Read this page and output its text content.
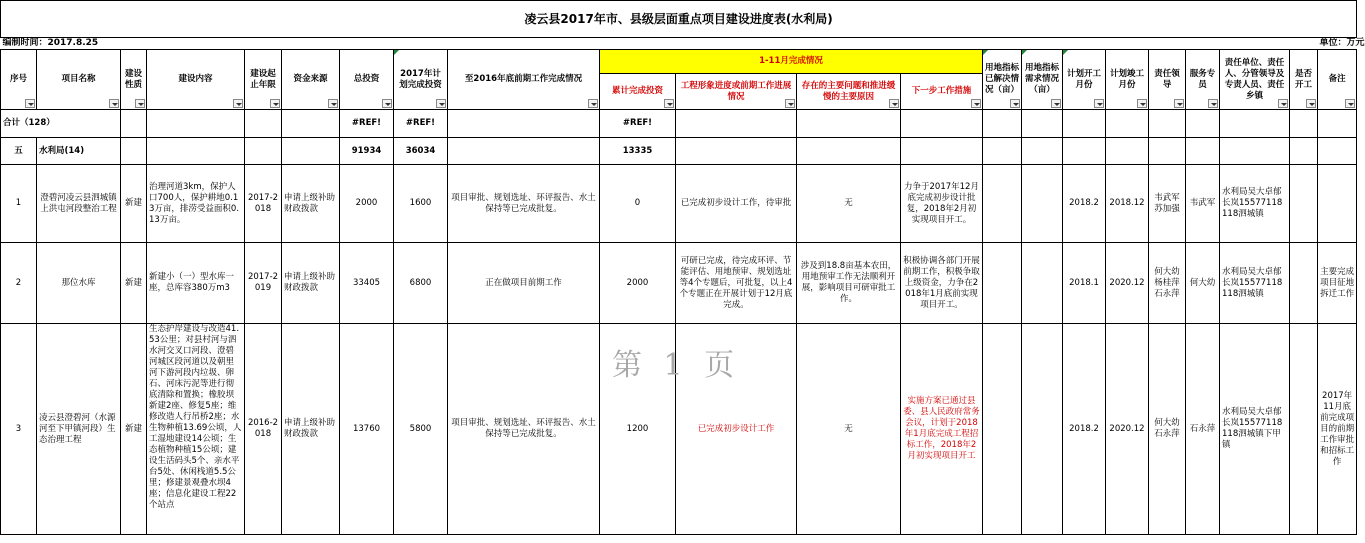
凌云县2017年市、县级层面重点项目建设进度表(水利局)																					
编制时间：2017.8.25																					单位：万元
序号	项目名称	建设性质	建设内容	建设起止年限	资金来源	总投资	2017年计划完成投资	至2016年底前期工作完成情况	1-11月完成情况				用地指标已解决情况（亩）	用地指标需求情况（亩）	计划开工月份	计划竣工月份	责任领导	服务专员	责任单位、责任人、分管领导及专责人员、责任乡镇	是否开工	备注

									累计完成投资	工程形象进度或前期工作进展情况	存在的主要问题和推进缓慢的主要原因	下一步工作措施									

合计（128）						#REF!	#REF!		#REF!												
五	水利局(14)					91934	36034		13335												
1	澄碧河凌云县泗城镇上洪屯河段整治工程	新建	治理河道3km，保护人口700人，保护耕地0.13万亩，排涝受益面积0.13万亩。	2017-2018	申请上级补助财政拨款	2000	1600	项目审批、规划选址、环评报告、水土保持等已完成批复。	0	已完成初步设计工作，待审批	无	力争于2017年12月底完成初步设计批复，2018年2月初实现项目开工。			2018.2	2018.12	韦武军苏加强	韦武军	水利局吴大卓郁长岚15577118118泗城镇		
2	那位水库	新建	新建小（一）型水库一座，总库容380万m3	2017-2019	申请上级补助财政拨款	33405	6800	正在做项目前期工作	2000	可研已完成，待完成环评、节能评估、用地预审、规划选址等4个专题后，可批复，以上4个专题正在开展计划于12月底完成。	涉及到18.8亩基本农田，用地预审工作无法顺利开展，影响项目可研审批工作。	积极协调各部门开展前期工作，积极争取上级资金，力争在2018年1月底前实现项目开工。			2018.1	2020.12	何大幼杨桂萍石永萍	何大幼	水利局吴大卓郁长岚15577118118泗城镇		主要完成项目征地拆迁工作
3	凌云县澄碧河（水源河至下甲镇河段）生态治理工程	新建	生态护岸建设与改造41.53公里；对县村河与泗水河交叉口河段、澄碧河城区段河道以及朝里河下游河段内垃圾、卵石、河床污泥等进行彻底清除和置换；橡胶坝新建2座、修复5座；维修改造人行吊桥2座；水生物种植13.69公顷，人工湿地建设14公顷；生态植物种植15公顷；建设生活码头5个、亲水平台5处、休闲栈道5.5公里；修建景观叠水坝4座；信息化建设工程22个站点	2016-2018	申请上级补助财政拨款	13760	5800	项目审批、规划选址、环评报告、水土保持等已完成批复。	1200	已完成初步设计工作	无	实施方案已通过县委、县人民政府常务会议，计划于2018年1月底完成工程招标工作，2018年2月初实现项目开工			2018.2	2020.12	何大幼石永萍	石永萍	水利局吴大卓郁长岚15577118118泗城镇下甲镇		2017年11月底前完成项目的前期工作审批和招标工作
第 1 页
